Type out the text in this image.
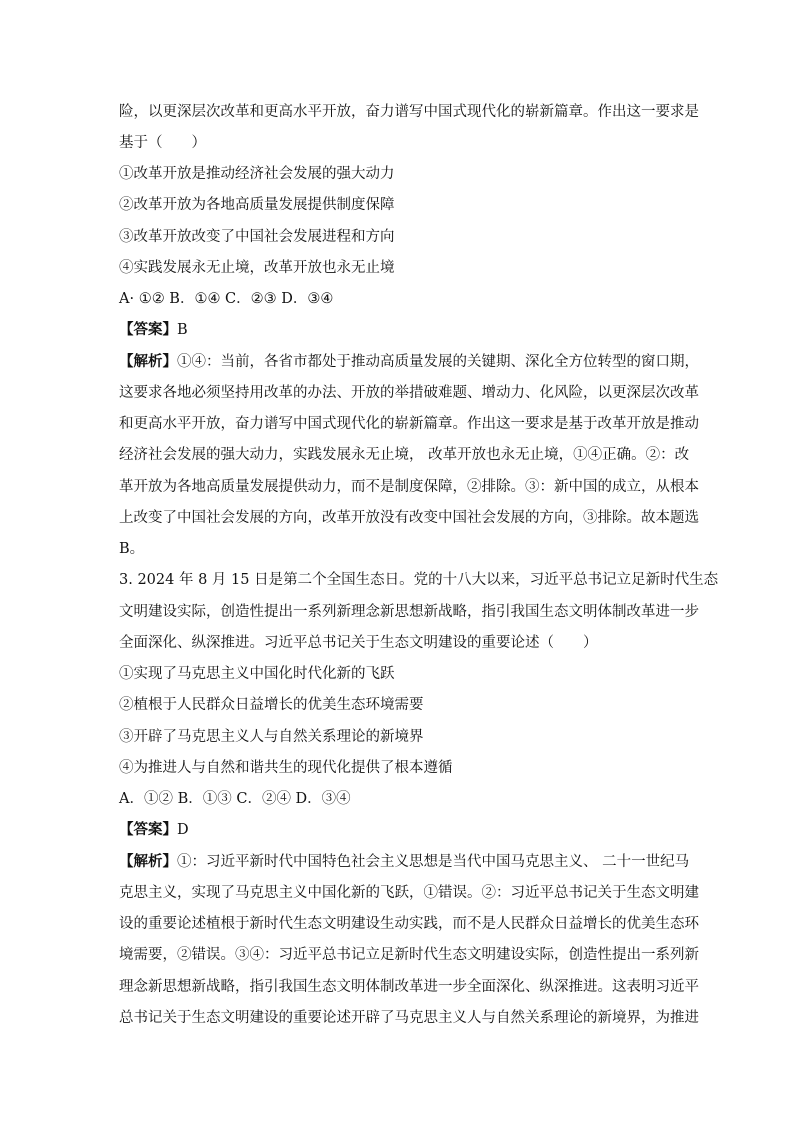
险，以更深层次改革和更高水平开放，奋力谱写中国式现代化的崭新篇章。作出这一要求是
基于（　　）
①改革开放是推动经济社会发展的强大动力
②改革开放为各地高质量发展提供制度保障
③改革开放改变了中国社会发展进程和方向
④实践发展永无止境，改革开放也永无止境
A· ①② B．①④ C．②③ D．③④
【答案】B
【解析】①④：当前，各省市都处于推动高质量发展的关键期、深化全方位转型的窗口期，
这要求各地必须坚持用改革的办法、开放的举措破难题、增动力、化风险，以更深层次改革
和更高水平开放，奋力谱写中国式现代化的崭新篇章。作出这一要求是基于改革开放是推动
经济社会发展的强大动力，实践发展永无止境， 改革开放也永无止境，①④正确。②：改
革开放为各地高质量发展提供动力，而不是制度保障，②排除。③：新中国的成立，从根本
上改变了中国社会发展的方向，改革开放没有改变中国社会发展的方向，③排除。故本题选
B。
3. 2024 年 8 月 15 日是第二个全国生态日。党的十八大以来，习近平总书记立足新时代生态
文明建设实际，创造性提出一系列新理念新思想新战略，指引我国生态文明体制改革进一步
全面深化、纵深推进。习近平总书记关于生态文明建设的重要论述（　　）
①实现了马克思主义中国化时代化新的飞跃
②植根于人民群众日益增长的优美生态环境需要
③开辟了马克思主义人与自然关系理论的新境界
④为推进人与自然和谐共生的现代化提供了根本遵循
A．①② B．①③ C．②④ D．③④
【答案】D
【解析】①：习近平新时代中国特色社会主义思想是当代中国马克思主义、 二十一世纪马
克思主义，实现了马克思主义中国化新的飞跃，①错误。②：习近平总书记关于生态文明建
设的重要论述植根于新时代生态文明建设生动实践，而不是人民群众日益增长的优美生态环
境需要，②错误。③④：习近平总书记立足新时代生态文明建设实际，创造性提出一系列新
理念新思想新战略，指引我国生态文明体制改革进一步全面深化、纵深推进。这表明习近平
总书记关于生态文明建设的重要论述开辟了马克思主义人与自然关系理论的新境界，为推进
